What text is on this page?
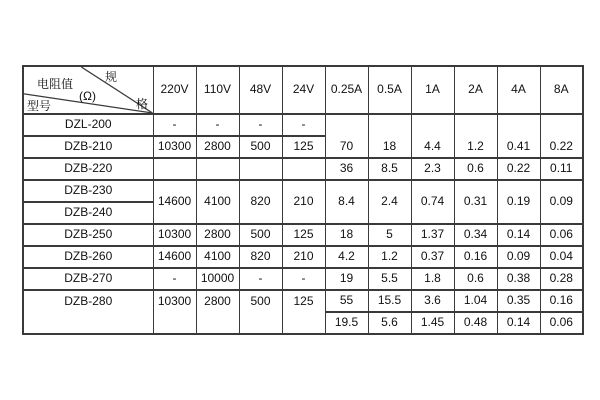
电阻值
(Ω)
规
格
型号	220V	110V	48V	24V	0.25A	0.5A	1A	2A	4A	8A
DZL-200	-	-	-	-	70	18	4.4	1.2	0.41	0.22
DZB-210	10300	2800	500	125						
DZB-220					36	8.5	2.3	0.6	0.22	0.11
DZB-230	14600	4100	820	210	8.4	2.4	0.74	0.31	0.19	0.09
DZB-240										
DZB-250	10300	2800	500	125	18	5	1.37	0.34	0.14	0.06
DZB-260	14600	4100	820	210	4.2	1.2	0.37	0.16	0.09	0.04
DZB-270	-	10000	-	-	19	5.5	1.8	0.6	0.38	0.28
DZB-280	10300	2800	500	125	55	15.5	3.6	1.04	0.35	0.16
					19.5	5.6	1.45	0.48	0.14	0.06
